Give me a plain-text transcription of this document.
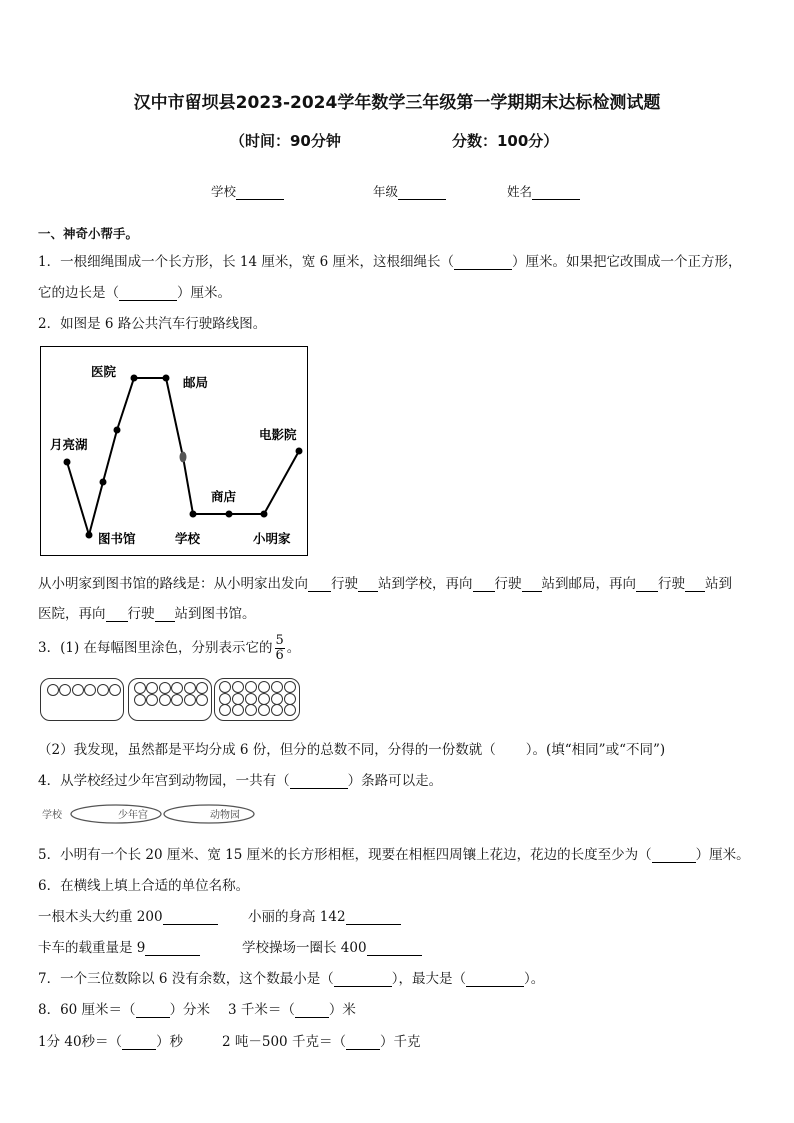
汉中市留坝县2023-2024学年数学三年级第一学期期末达标检测试题
（时间：90分钟	分数：100分）
学校	年级	姓名
一、神奇小帮手。
1．一根细绳围成一个长方形，长 14 厘米，宽 6 厘米，这根细绳长（	）厘米。如果把它改围成一个正方形，
它的边长是（	）厘米。
2．如图是 6 路公共汽车行驶路线图。
医院
邮局
月亮湖
电影院
商店
图书馆	学校	小明家
从小明家到图书馆的路线是：从小明家出发向 行驶 站到学校，再向 行驶 站到邮局，再向 行驶 站到
医院，再向 行驶 站到图书馆。
3．(1) 在每幅图里涂色，分别表示它的 $\frac{5}{6}$ 。
（2）我发现，虽然都是平均分成 6 份，但分的总数不同，分得的一份数就（ ）。(填“相同”或“不同”)
4．从学校经过少年宫到动物园，一共有（	）条路可以走。
学校	少年宫	动物园
5．小明有一个长 20 厘米、宽 15 厘米的长方形相框，现要在相框四周镶上花边，花边的长度至少为（	）厘米。
6．在横线上填上合适的单位名称。
一根木头大约重 200	小丽的身高 142
卡车的载重量是 9	学校操场一圈长 400
7．一个三位数除以 6 没有余数，这个数最小是（	），最大是（	）。
8．60 厘米＝（	）分米 3 千米＝（	）米
1分 40秒＝（	）秒	2 吨－500 千克＝（	）千克
